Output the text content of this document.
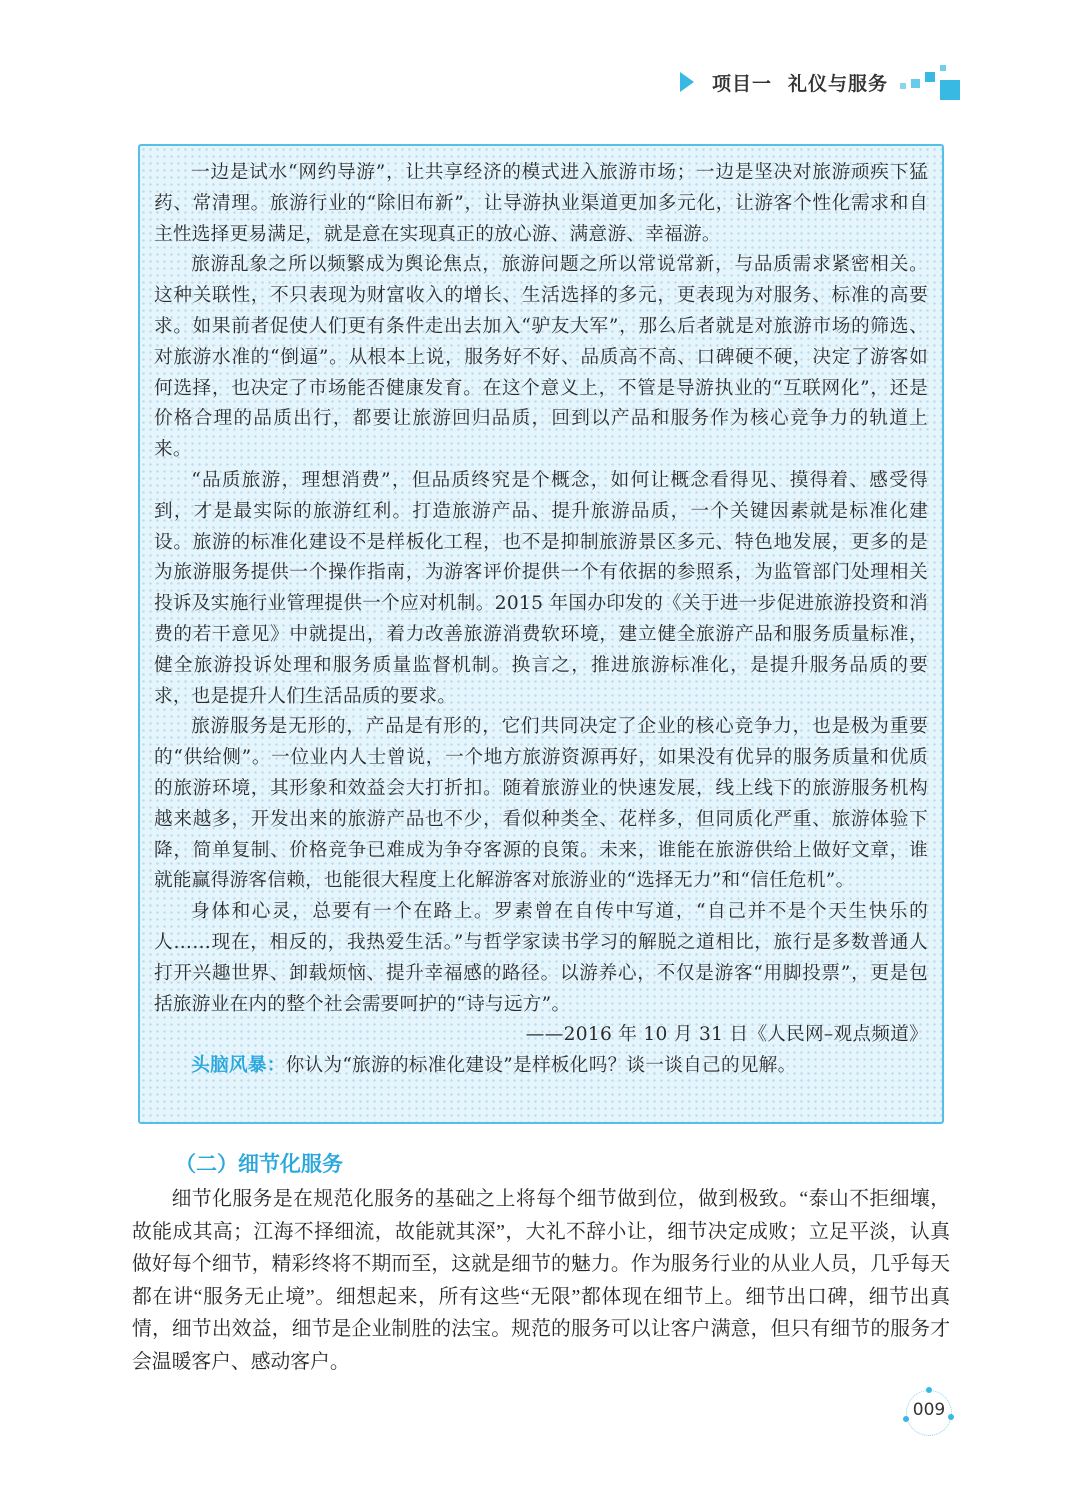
项目一 礼仪与服务

一边是试水“网约导游”，让共享经济的模式进入旅游市场；一边是坚决对旅游顽疾下猛药、常清理。旅游行业的“除旧布新”，让导游执业渠道更加多元化，让游客个性化需求和自主性选择更易满足，就是意在实现真正的放心游、满意游、幸福游。

旅游乱象之所以频繁成为舆论焦点，旅游问题之所以常说常新，与品质需求紧密相关。这种关联性，不只表现为财富收入的增长、生活选择的多元，更表现为对服务、标准的高要求。如果前者促使人们更有条件走出去加入“驴友大军”，那么后者就是对旅游市场的筛选、对旅游水准的“倒逼”。从根本上说，服务好不好、品质高不高、口碑硬不硬，决定了游客如何选择，也决定了市场能否健康发育。在这个意义上，不管是导游执业的“互联网化”，还是价格合理的品质出行，都要让旅游回归品质，回到以产品和服务作为核心竞争力的轨道上来。

“品质旅游，理想消费”，但品质终究是个概念，如何让概念看得见、摸得着、感受得到，才是最实际的旅游红利。打造旅游产品、提升旅游品质，一个关键因素就是标准化建设。旅游的标准化建设不是样板化工程，也不是抑制旅游景区多元、特色地发展，更多的是为旅游服务提供一个操作指南，为游客评价提供一个有依据的参照系，为监管部门处理相关投诉及实施行业管理提供一个应对机制。2015 年国办印发的《关于进一步促进旅游投资和消费的若干意见》中就提出，着力改善旅游消费软环境，建立健全旅游产品和服务质量标准，健全旅游投诉处理和服务质量监督机制。换言之，推进旅游标准化，是提升服务品质的要求，也是提升人们生活品质的要求。

旅游服务是无形的，产品是有形的，它们共同决定了企业的核心竞争力，也是极为重要的“供给侧”。一位业内人士曾说，一个地方旅游资源再好，如果没有优异的服务质量和优质的旅游环境，其形象和效益会大打折扣。随着旅游业的快速发展，线上线下的旅游服务机构越来越多，开发出来的旅游产品也不少，看似种类全、花样多，但同质化严重、旅游体验下降，简单复制、价格竞争已难成为争夺客源的良策。未来，谁能在旅游供给上做好文章，谁就能赢得游客信赖，也能很大程度上化解游客对旅游业的“选择无力”和“信任危机”。

身体和心灵，总要有一个在路上。罗素曾在自传中写道，“自己并不是个天生快乐的人……现在，相反的，我热爱生活。”与哲学家读书学习的解脱之道相比，旅行是多数普通人打开兴趣世界、卸载烦恼、提升幸福感的路径。以游养心，不仅是游客“用脚投票”，更是包括旅游业在内的整个社会需要呵护的“诗与远方”。

——2016 年 10 月 31 日《人民网–观点频道》

头脑风暴：你认为“旅游的标准化建设”是样板化吗？谈一谈自己的见解。

（二）细节化服务

细节化服务是在规范化服务的基础之上将每个细节做到位，做到极致。“泰山不拒细壤，故能成其高；江海不择细流，故能就其深”，大礼不辞小让，细节决定成败；立足平淡，认真做好每个细节，精彩终将不期而至，这就是细节的魅力。作为服务行业的从业人员，几乎每天都在讲“服务无止境”。细想起来，所有这些“无限”都体现在细节上。细节出口碑，细节出真情，细节出效益，细节是企业制胜的法宝。规范的服务可以让客户满意，但只有细节的服务才会温暖客户、感动客户。

009
